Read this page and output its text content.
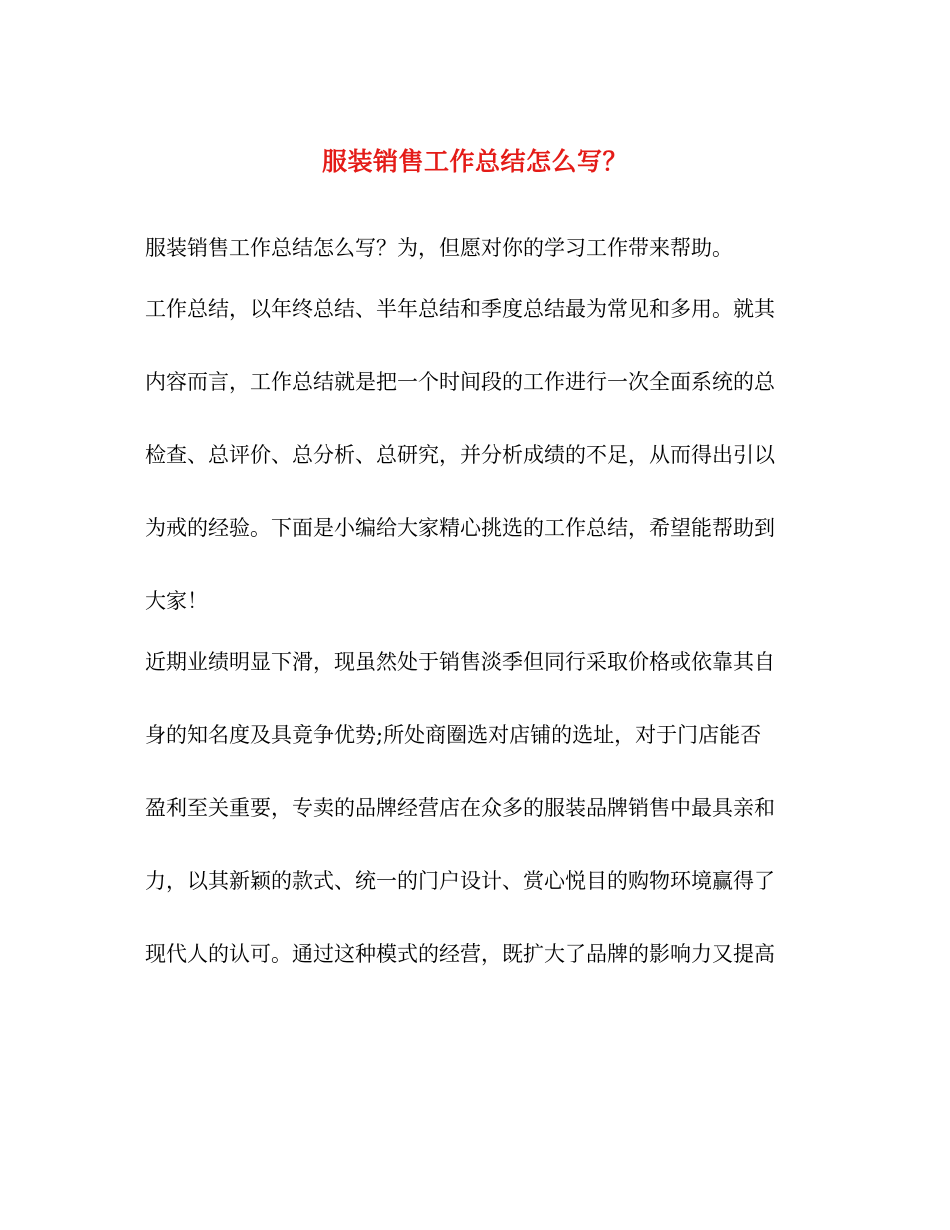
服装销售工作总结怎么写？
服装销售工作总结怎么写？为，但愿对你的学习工作带来帮助。
工作总结，以年终总结、半年总结和季度总结最为常见和多用。就其
内容而言，工作总结就是把一个时间段的工作进行一次全面系统的总
检查、总评价、总分析、总研究，并分析成绩的不足，从而得出引以
为戒的经验。下面是小编给大家精心挑选的工作总结，希望能帮助到
大家！
近期业绩明显下滑，现虽然处于销售淡季但同行采取价格或依靠其自
身的知名度及具竟争优势;所处商圈选对店铺的选址，对于门店能否
盈利至关重要，专卖的品牌经营店在众多的服装品牌销售中最具亲和
力，以其新颖的款式、统一的门户设计、赏心悦目的购物环境赢得了
现代人的认可。通过这种模式的经营，既扩大了品牌的影响力又提高
